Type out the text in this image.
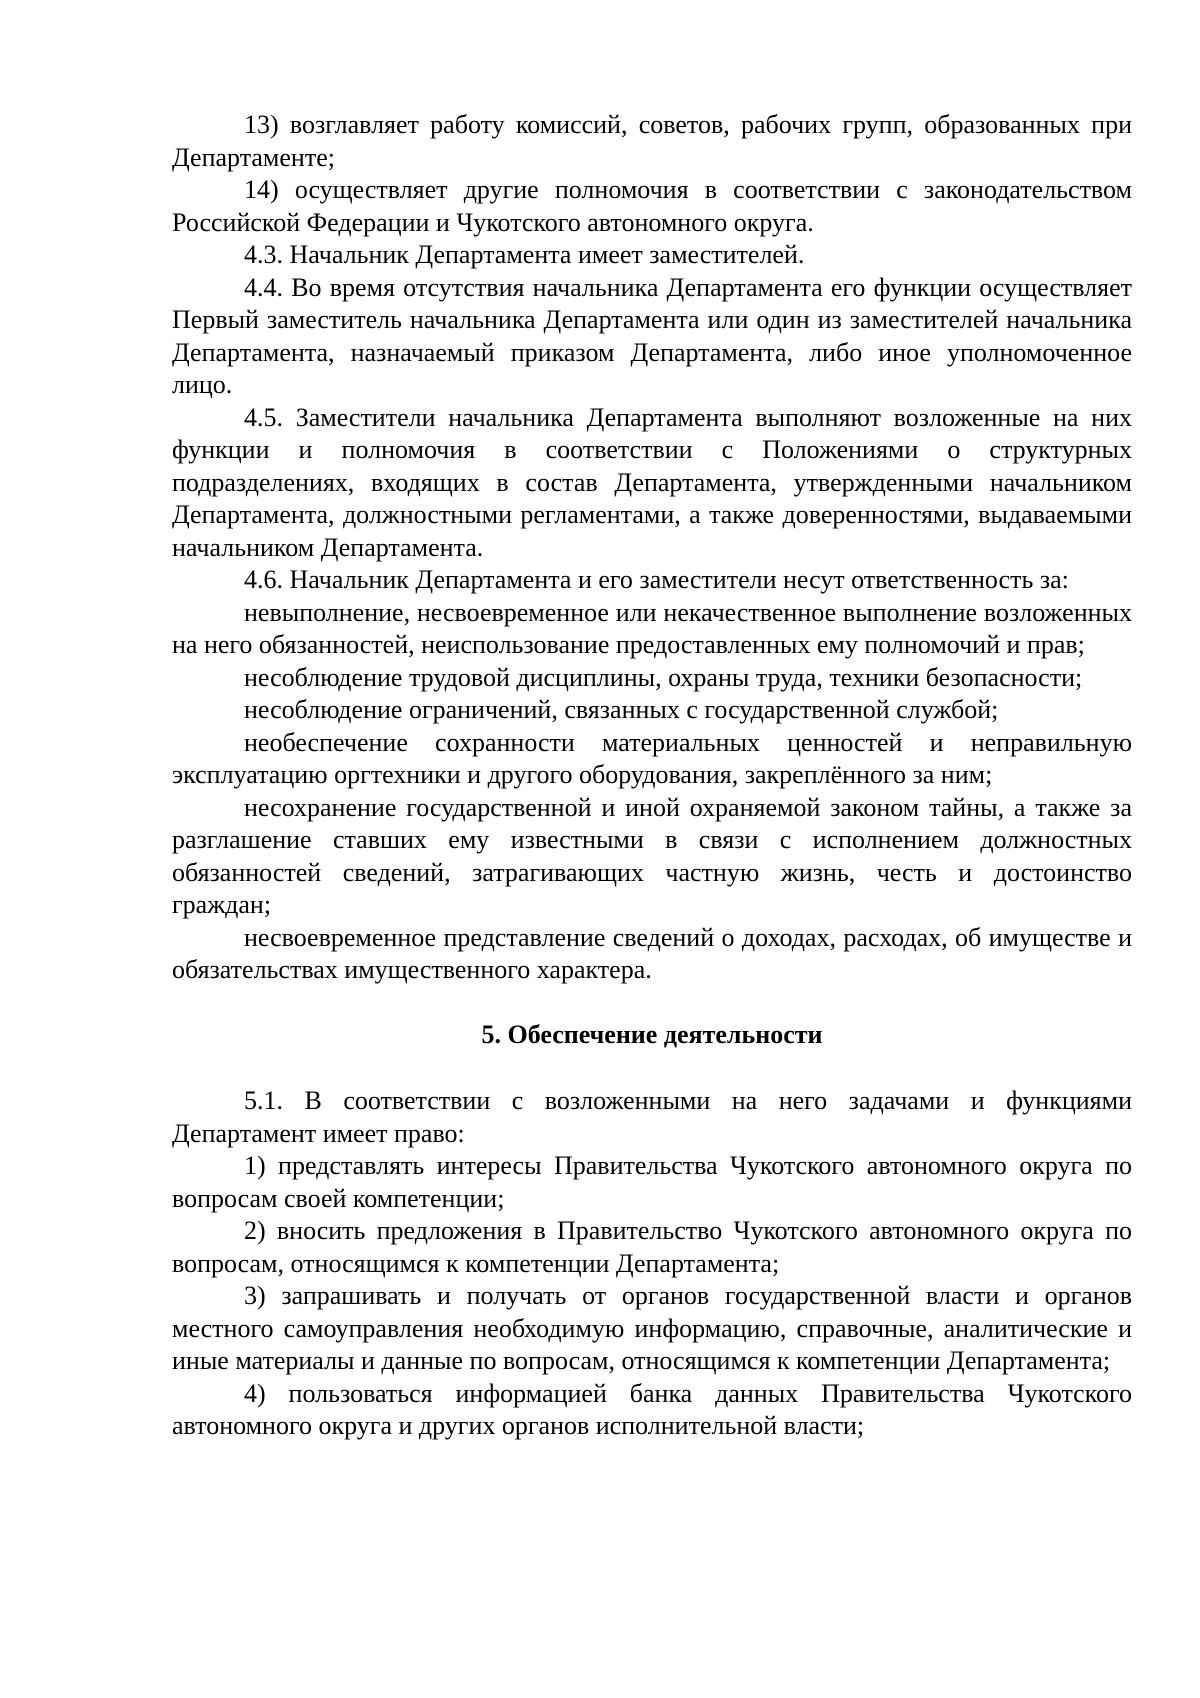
13) возглавляет работу комиссий, советов, рабочих групп, образованных при Департаменте;

14) осуществляет другие полномочия в соответствии с законодательством Российской Федерации и Чукотского автономного округа.

4.3. Начальник Департамента имеет заместителей.

4.4. Во время отсутствия начальника Департамента его функции осуществляет Первый заместитель начальника Департамента или один из заместителей начальника Департамента, назначаемый приказом Департамента, либо иное уполномоченное лицо.

4.5. Заместители начальника Департамента выполняют возложенные на них функции и полномочия в соответствии с Положениями о структурных подразделениях, входящих в состав Департамента, утвержденными начальником Департамента, должностными регламентами, а также доверенностями, выдаваемыми начальником Департамента.

4.6. Начальник Департамента и его заместители несут ответственность за:

невыполнение, несвоевременное или некачественное выполнение возложенных на него обязанностей, неиспользование предоставленных ему полномочий и прав;

несоблюдение трудовой дисциплины, охраны труда, техники безопасности;

несоблюдение ограничений, связанных с государственной службой;

необеспечение сохранности материальных ценностей и неправильную эксплуатацию оргтехники и другого оборудования, закреплённого за ним;

несохранение государственной и иной охраняемой законом тайны, а также за разглашение ставших ему известными в связи с исполнением должностных обязанностей сведений, затрагивающих частную жизнь, честь и достоинство граждан;

несвоевременное представление сведений о доходах, расходах, об имуществе и обязательствах имущественного характера.

5. Обеспечение деятельности

5.1. В соответствии с возложенными на него задачами и функциями Департамент имеет право:

1) представлять интересы Правительства Чукотского автономного округа по вопросам своей компетенции;

2) вносить предложения в Правительство Чукотского автономного округа по вопросам, относящимся к компетенции Департамента;

3) запрашивать и получать от органов государственной власти и органов местного самоуправления необходимую информацию, справочные, аналитические и иные материалы и данные по вопросам, относящимся к компетенции Департамента;

4) пользоваться информацией банка данных Правительства Чукотского автономного округа и других органов исполнительной власти;
